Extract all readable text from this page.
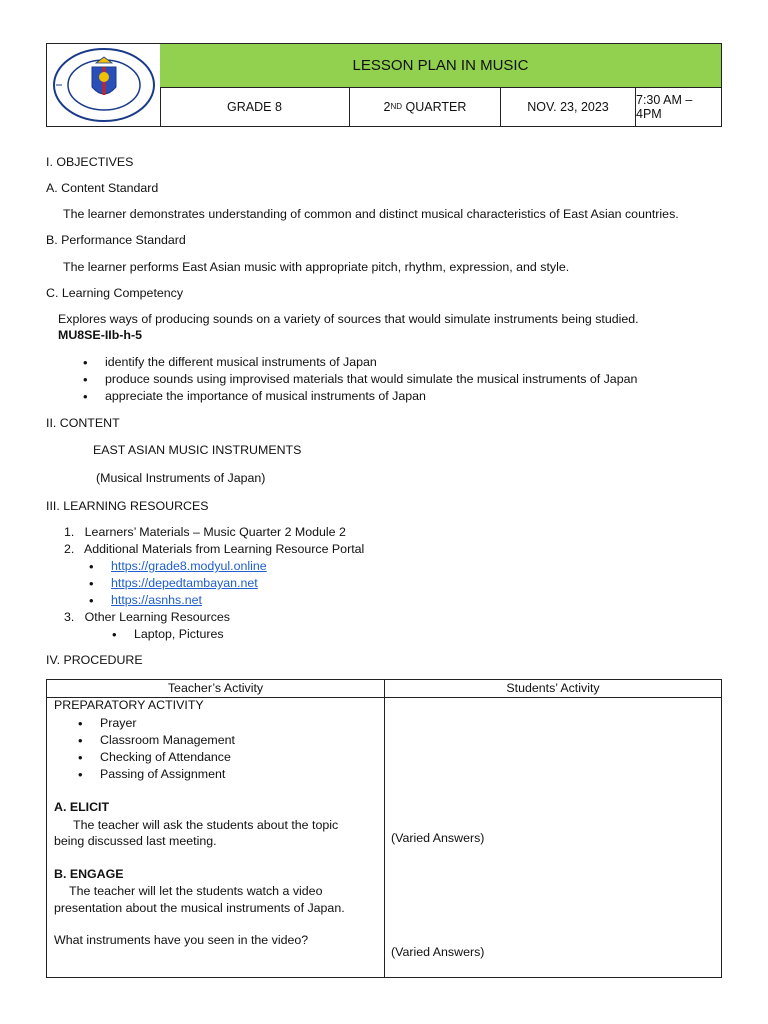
LESSON PLAN IN MUSIC
GRADE 8	2 ND QUARTER	NOV. 23, 2023 7:30 AM – 4PM
I. OBJECTIVES
A. Content Standard
The learner demonstrates understanding of common and distinct musical characteristics of East Asian countries.
B. Performance Standard
The learner performs East Asian music with appropriate pitch, rhythm, expression, and style.
C. Learning Competency
Explores ways of producing sounds on a variety of sources that would simulate instruments being studied.
MU8SE-IIb-h-5
• identify the different musical instruments of Japan
• produce sounds using improvised materials that would simulate the musical instruments of Japan
• appreciate the importance of musical instruments of Japan
II. CONTENT
EAST ASIAN MUSIC INSTRUMENTS
(Musical Instruments of Japan)
III. LEARNING RESOURCES
1.   Learners’ Materials – Music Quarter 2 Module 2
2.   Additional Materials from Learning Resource Portal
• https://grade8.modyul.online
• https://depedtambayan.net
• https://asnhs.net
3.   Other Learning Resources
• Laptop, Pictures
IV. PROCEDURE
Teacher’s Activity	Students’ Activity
PREPARATORY ACTIVITY
• Prayer
• Classroom Management
• Checking of Attendance
• Passing of Assignment
A. ELICIT
The teacher will ask the students about the topic
being discussed last meeting.	(Varied Answers)
B. ENGAGE
The teacher will let the students watch a video
presentation about the musical instruments of Japan.
What instruments have you seen in the video?
(Varied Answers)
